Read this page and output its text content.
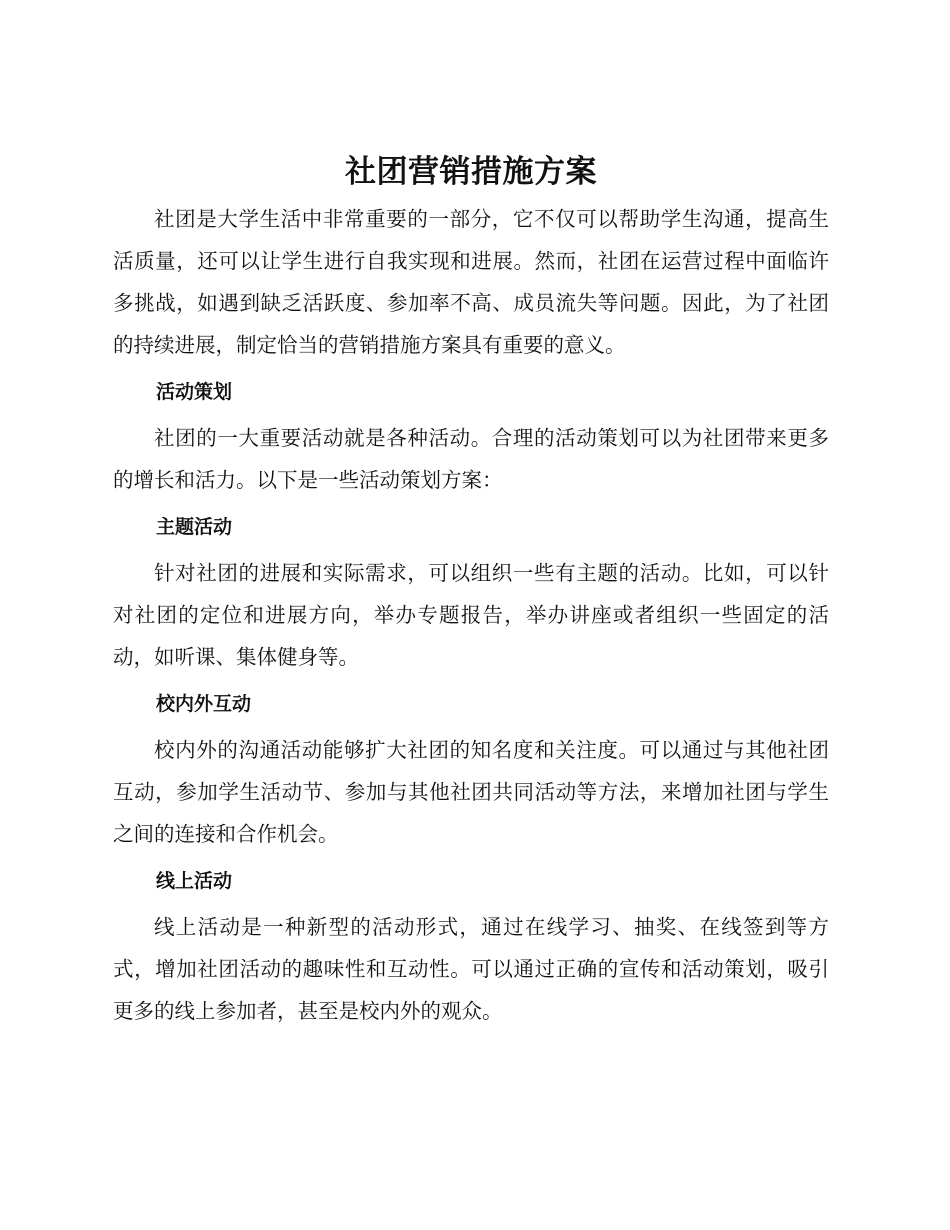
社团营销措施方案

社团是大学生活中非常重要的一部分，它不仅可以帮助学生沟通，提高生活质量，还可以让学生进行自我实现和进展。然而，社团在运营过程中面临许多挑战，如遇到缺乏活跃度、参加率不高、成员流失等问题。因此，为了社团的持续进展，制定恰当的营销措施方案具有重要的意义。

活动策划

社团的一大重要活动就是各种活动。合理的活动策划可以为社团带来更多的增长和活力。以下是一些活动策划方案：

主题活动

针对社团的进展和实际需求，可以组织一些有主题的活动。比如，可以针对社团的定位和进展方向，举办专题报告，举办讲座或者组织一些固定的活动，如听课、集体健身等。

校内外互动

校内外的沟通活动能够扩大社团的知名度和关注度。可以通过与其他社团互动，参加学生活动节、参加与其他社团共同活动等方法，来增加社团与学生之间的连接和合作机会。

线上活动

线上活动是一种新型的活动形式，通过在线学习、抽奖、在线签到等方式，增加社团活动的趣味性和互动性。可以通过正确的宣传和活动策划，吸引更多的线上参加者，甚至是校内外的观众。
